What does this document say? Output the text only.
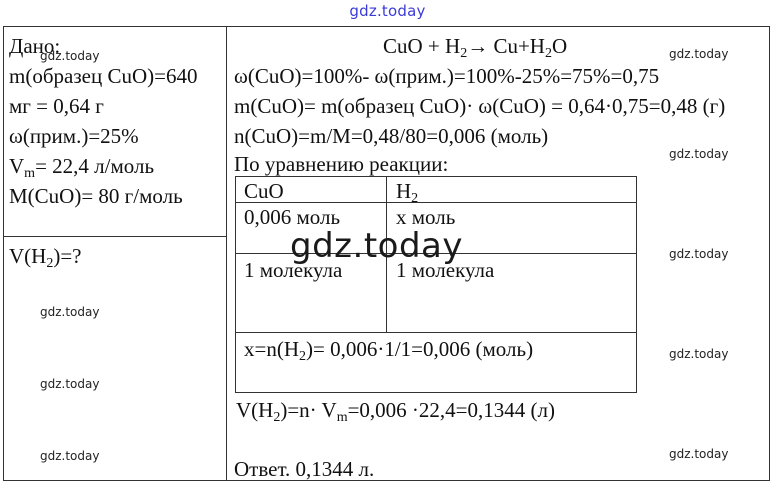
gdz.today
Дано:
m(образец CuO)=640
мг = 0,64 г
ω(прим.)=25%
$V_m= 22,4$ л/моль
M(CuO)= 80 г/моль
$V(H_2)=$?
CuO + $H_2\to Cu+H_2O$
ω(CuO)=100%- ω(прим.)=100%-25%=75%=0,75
m(CuO)= m(образец CuO)· ω(CuO) = 0,64·0,75=0,48 (г)
n(CuO)=m/M=0,48/80=0,006 (моль)
По уравнению реакции:
CuO	$H_2$
0,006 моль	x моль
1 молекула	1 молекула
$x=n(H_2)= 0,006\cdot 1/1=0,006$ (моль)
$V(H_2)=n\cdot V_m=0,006 \cdot 22,4=0,1344$ (л)
Ответ. 0,1344 л.
gdz.today
gdz.today
gdz.today
gdz.today
gdz.today
gdz.today
gdz.today
gdz.today
gdz.today
gdz.today
